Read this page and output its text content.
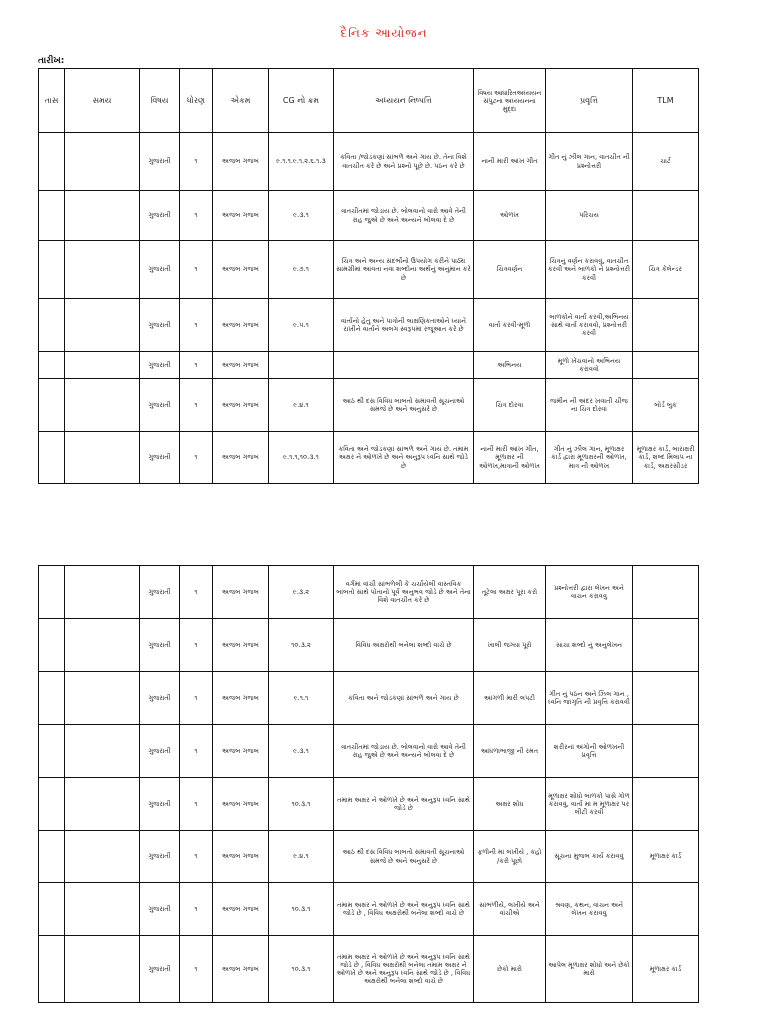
દૈનિક આયોજન
તારીખ:
તાસ	સમય	વિષય	ધોરણ	એકમ	CG નો ક્રમ	અધ્યયન નિષ્પત્તિ	વિષય આધારિતઅધ્યયન સંપુટના અધ્યયનના મુદ્દા	પ્રવૃત્તિ	TLM
		ગુજરાતી	૧	અજબ ગજબ	૯.૧.૧.૯.૧.૨.૬.૧.૩	કવિતા /જોડકણાં સાંભળે અને ગાય છે. તેના વિશે વાતચીત કરે છે અને પ્રશ્નો પૂછે છે. પઠન કરે છે	નાની મારી આંખ ગીત	ગીત નું ઝીલ ગાન, વાતચીત ની પ્રશ્નોત્તરી	ચાર્ટ
		ગુજરાતી	૧	અજબ ગજબ	૯.૩.૧	વાતચીતમાં જોડાય છે. બોલવાનો વારો આવે તેની રાહ જુએ છે અને અન્યને બોલવા દે છે	ઓળખ	પરિચય	
		ગુજરાતી	૧	અજબ ગજબ	૯.૭.૧	ચિત્ર અને અન્ય સંદર્ભોનો ઉપયોગ કરીને પાઠ્ય સામગ્રીમાં આવતા નવા શબ્દોના અર્થનું અનુમાન કરે છે	ચિત્રવર્ણન	ચિત્રનું વર્ણન કરાવવું, વાતચીત કરવી અને બાળકો ને પ્રશ્નોત્તરી કરવી	ચિત્ર કેલેન્ડર
		ગુજરાતી	૧	અજબ ગજબ	૯.૫.૧	વાર્તાનો હેતુ અને પાત્રોની લાક્ષણિકતાઓને ધ્યાને રાખીને વાર્તાને અલગ સ્વરૂપમાં રજૂઆત કરે છે	વાર્તા કરવી-મૂળો	બાળકોને વાર્તા કરવી,અભિનય સાથે વાર્તા કરાવવો, પ્રશ્નોત્તરી કરવી	
		ગુજરાતી	૧	અજબ ગજબ			અભિનય	મૂળો ખેંચવાનો અભિનય કરાવવો	
		ગુજરાતી	૧	અજબ ગજબ	૯.૪.૧	આઠ થી દસ વિવિધ બાબતો સમાવતી સૂચનાઓ સમજે છે અને અનુસરે છે	ચિત્ર દોરવા	જમીન ની અંદર ખવાતી ચીજ ના ચિત્ર દોરવા	બોર્ડ બુક
		ગુજરાતી	૧	અજબ ગજબ	૯.૧.૧,૧૦.૩.૧	કવિતા અને જોડકણાં સાંભળે અને ગાય છે. તમામ અક્ષર ને ઓળખે છે અને અનુરૂપ ધ્વનિ સાથે જોડે છે	નાની મારી આંખ ગીત, મૂળાક્ષર ની ઓળખ,માત્રાની ઓળખ	ગીત નું ઝીલ ગાન, મૂળાક્ષર કાર્ડ દ્વારા મૂળાક્ષરની ઓળખ, માત્ર ની ઓળખ	મૂળાક્ષર કાર્ડ, બારાક્ષરી કાર્ડ, શબ્દ મિલાપ ના કાર્ડ, અક્ષરસીડર
		ગુજરાતી	૧	અજબ ગજબ	૯.૩.૨	વર્ગમાં વાંચી સાંભળેલી કે ચર્ચાયેલી વાસ્તવિક બાબતો સાથે પોતાનો પૂર્વ અનુભવ જોડે છે અને તેના વિશે વાતચીત કરે છે	તૂટેલા અક્ષર પૂરા કરો	પ્રશ્નોત્તરી દ્વારા લેખન અને વાચન કરાવવુ	
		ગુજરાતી	૧	અજબ ગજબ	૧૦.૩.૨	વિવિધ અક્ષરોથી બનેલા શબ્દો વાચે છે	ખાલી જગ્યા પૂરો	સાચા શબ્દો નું અનુલેખન	
		ગુજરાતી	૧	અજબ ગજબ	૯.૧.૧	કવિતા અને જોડકણાં સાંભળે અને ગાય છે	આંગળી મારી લપટી	ગીત નું પઠન અને ઝિલ ગાન , ધ્વનિ જાગૃતિ ની પ્રવૃત્તિ કરાવવી	
		ગુજરાતી	૧	અજબ ગજબ	૯.૩.૧	વાતચીતમાં જોડાય છે. બોલવાનો વારો આવે તેની રાહ જુએ છે અને અન્યને બોલવા દે છે	આંધળાભાજી ની રમત	શરીરનાં અંગોની ઓળખની પ્રવૃત્તિ	
		ગુજરાતી	૧	અજબ ગજબ	૧૦.૩.૧	તમામ અક્ષર ને ઓળખે છે અને અનુરૂપ ધ્વનિ સાથે જોડે છે	અક્ષર શોધ	મૂળાક્ષર શોધો બાળકો પાસે ગોળ કરાવવું, વાર્તા માં મ મૂળાક્ષર પર લીટી કરવી	
		ગુજરાતી	૧	અજબ ગજબ	૯.૪.૧	આઠ થી દસ વિવિધ બાબતો સમાવતી સૂચનાઓ સમજે છે અને અનુસરે છે	ફળોની માં લખીયે , કહો /કરો પૂછો	સૂચના મુજબ કાર્ય કરાવવું	મૂળાક્ષર કાર્ડ
		ગુજરાતી	૧	અજબ ગજબ	૧૦.૩.૧	તમામ અક્ષર ને ઓળખે છે અને અનુરૂપ ધ્વનિ સાથે જોડે છે , વિવિધ અક્ષરોથી બનેલા શબ્દો વાચે છે	સાંભળીયે, લખીયે અને વાંચીએ	શ્રવણ, કથન, વાંચન અને લેખન કરાવવુ	
		ગુજરાતી	૧	અજબ ગજબ	૧૦.૩.૧	તમામ અક્ષર ને ઓળખે છે અને અનુરૂપ ધ્વનિ સાથે જોડે છે , વિવિધ અક્ષરોથી બનેલા તમામ અક્ષર ને ઓળખે છે અને અનુરૂપ ધ્વનિ સાથે જોડે છે , વિવિધ અક્ષરોથી બનેલા શબ્દો વાચે છે	છેકો મારો	આપેલ મૂળાક્ષર શોધો અને છેકો મારો	મૂળાક્ષર કાર્ડ
